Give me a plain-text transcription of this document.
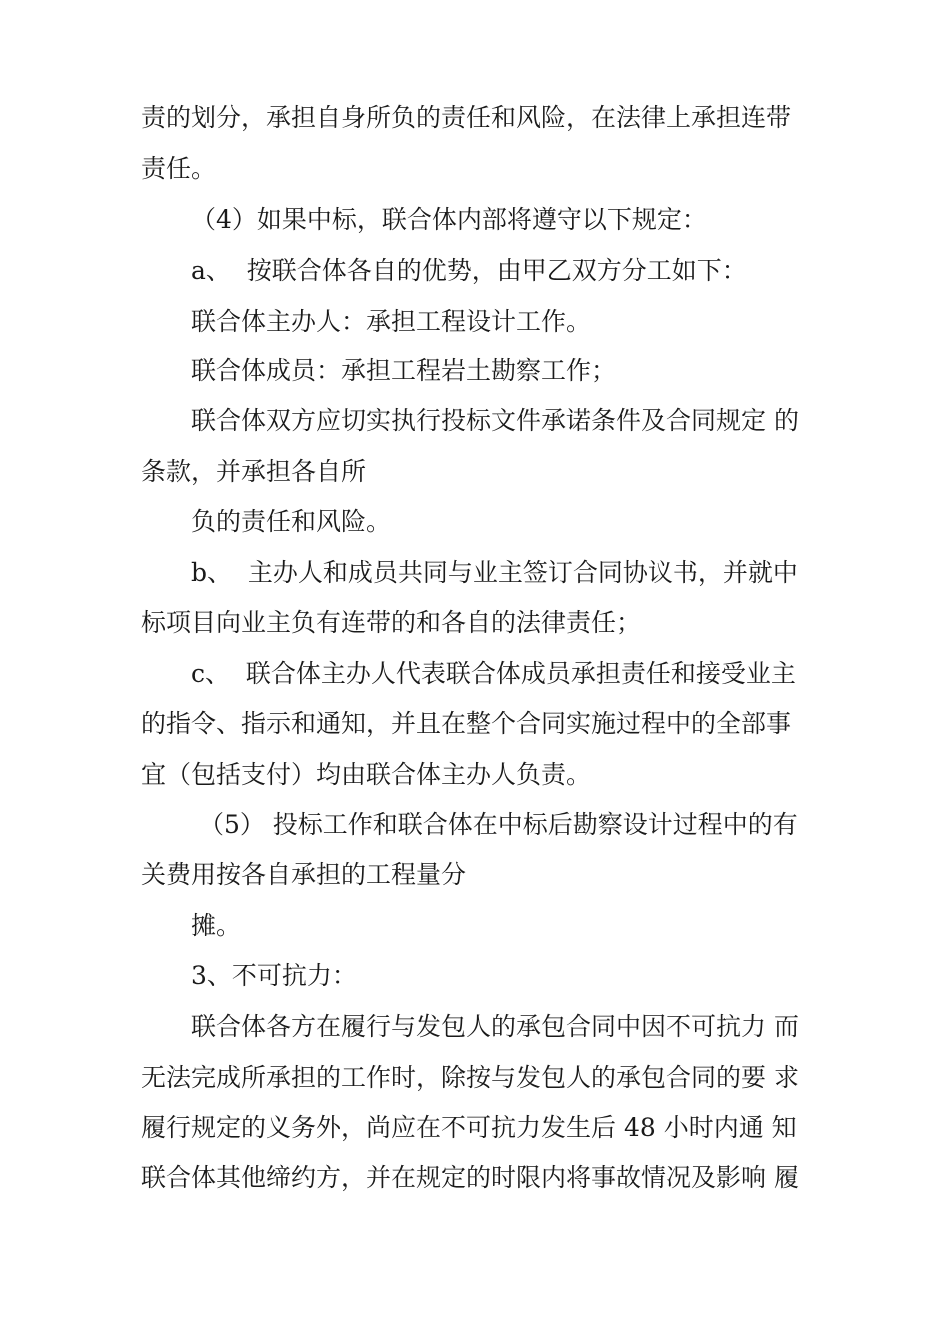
责的划分，承担自身所负的责任和风险，在法律上承担连带
责任。
（4）如果中标，联合体内部将遵守以下规定：
a、  按联合体各自的优势，由甲乙双方分工如下：
联合体主办人：承担工程设计工作。
联合体成员：承担工程岩土勘察工作；
联合体双方应切实执行投标文件承诺条件及合同规定 的
条款，并承担各自所
负的责任和风险。
b、  主办人和成员共同与业主签订合同协议书，并就中
标项目向业主负有连带的和各自的法律责任；
c、  联合体主办人代表联合体成员承担责任和接受业主
的指令、指示和通知，并且在整个合同实施过程中的全部事
宜（包括支付）均由联合体主办人负责。
（5） 投标工作和联合体在中标后勘察设计过程中的有
关费用按各自承担的工程量分
摊。
3、不可抗力：
联合体各方在履行与发包人的承包合同中因不可抗力 而
无法完成所承担的工作时，除按与发包人的承包合同的要 求
履行规定的义务外，尚应在不可抗力发生后 48 小时内通 知
联合体其他缔约方，并在规定的时限内将事故情况及影响 履
